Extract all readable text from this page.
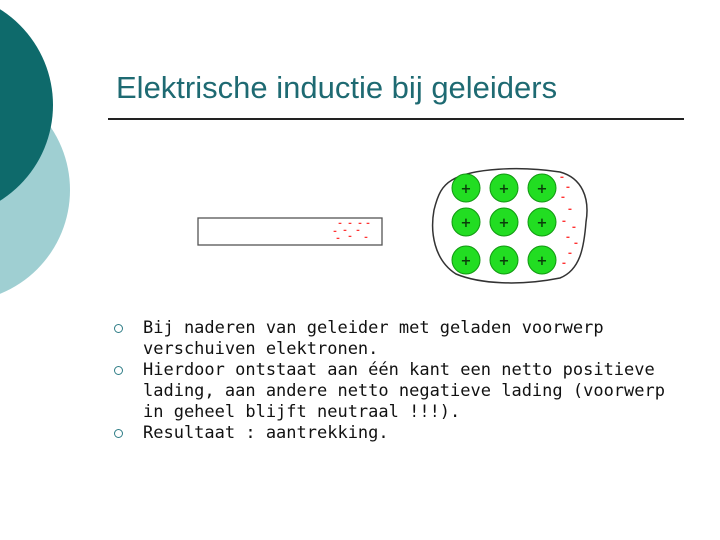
Elektrische inductie bij geleiders
- - - -
- - -
- - -
-
-
-
-
-
-
-
-
-
-
+ + +
+ + +
+ + +
Bij naderen van geleider met geladen voorwerp verschuiven elektronen.
Hierdoor ontstaat aan één kant een netto positieve lading, aan andere netto negatieve lading (voorwerp in geheel blijft neutraal !!!).
Resultaat : aantrekking.
